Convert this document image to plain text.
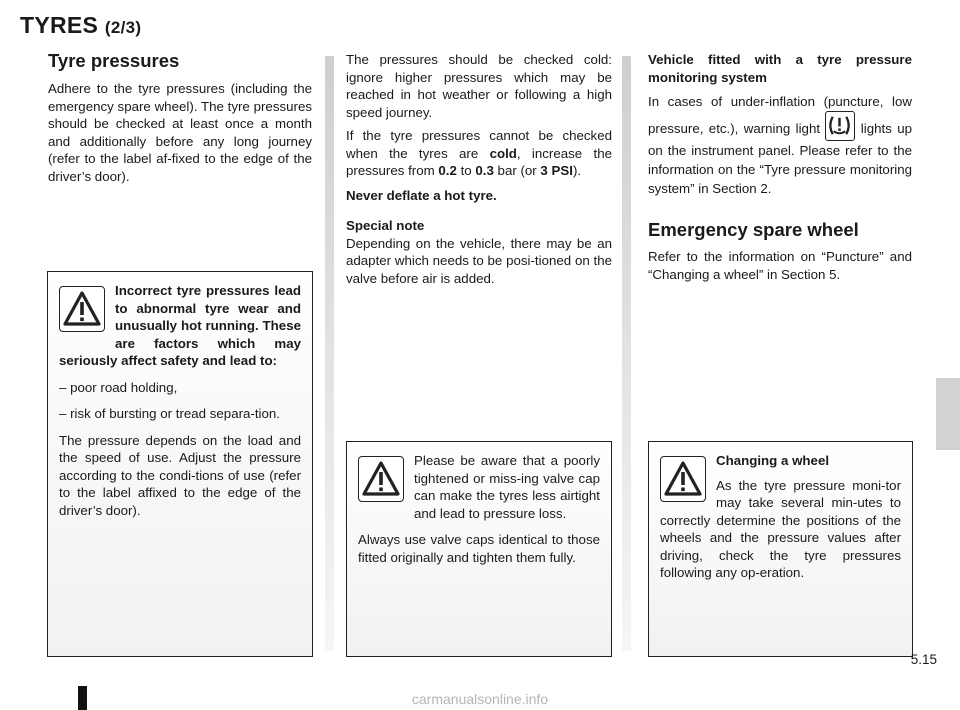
TYRES (2/3)
Tyre pressures

Adhere to the tyre pressures (including the emergency spare wheel). The tyre pressures should be checked at least once a month and additionally before any long journey (refer to the label af-fixed to the edge of the driver’s door).

The pressures should be checked cold: ignore higher pressures which may be reached in hot weather or following a high speed journey.

If the tyre pressures cannot be checked when the tyres are cold, increase the pressures from 0.2 to 0.3 bar (or 3 PSI).

Never deflate a hot tyre.

Special note

Depending on the vehicle, there may be an adapter which needs to be posi-tioned on the valve before air is added.

Vehicle fitted with a tyre pressure monitoring system

In cases of under-inflation (puncture, low pressure, etc.), warning light	lights up on the instrument panel. Please refer to the information on the “Tyre pressure monitoring system” in Section 2.

Emergency spare wheel

Refer to the information on “Puncture” and “Changing a wheel” in Section 5.

Incorrect tyre pressures lead to abnormal tyre wear and unusually hot running. These are factors which may seriously affect safety and lead to:

– poor road holding,

– risk of bursting or tread separa-tion.

The pressure depends on the load and the speed of use. Adjust the pressure according to the condi-tions of use (refer to the label affixed to the edge of the driver’s door).

Please be aware that a poorly tightened or miss-ing valve cap can make the tyres less airtight and lead to pressure loss.

Always use valve caps identical to those fitted originally and tighten them fully.

Changing a wheel

As the tyre pressure moni-tor may take several min-utes to correctly determine the positions of the wheels and the pressure values after driving, check the tyre pressures following any op-eration.

5.15
carmanualsonline.info
